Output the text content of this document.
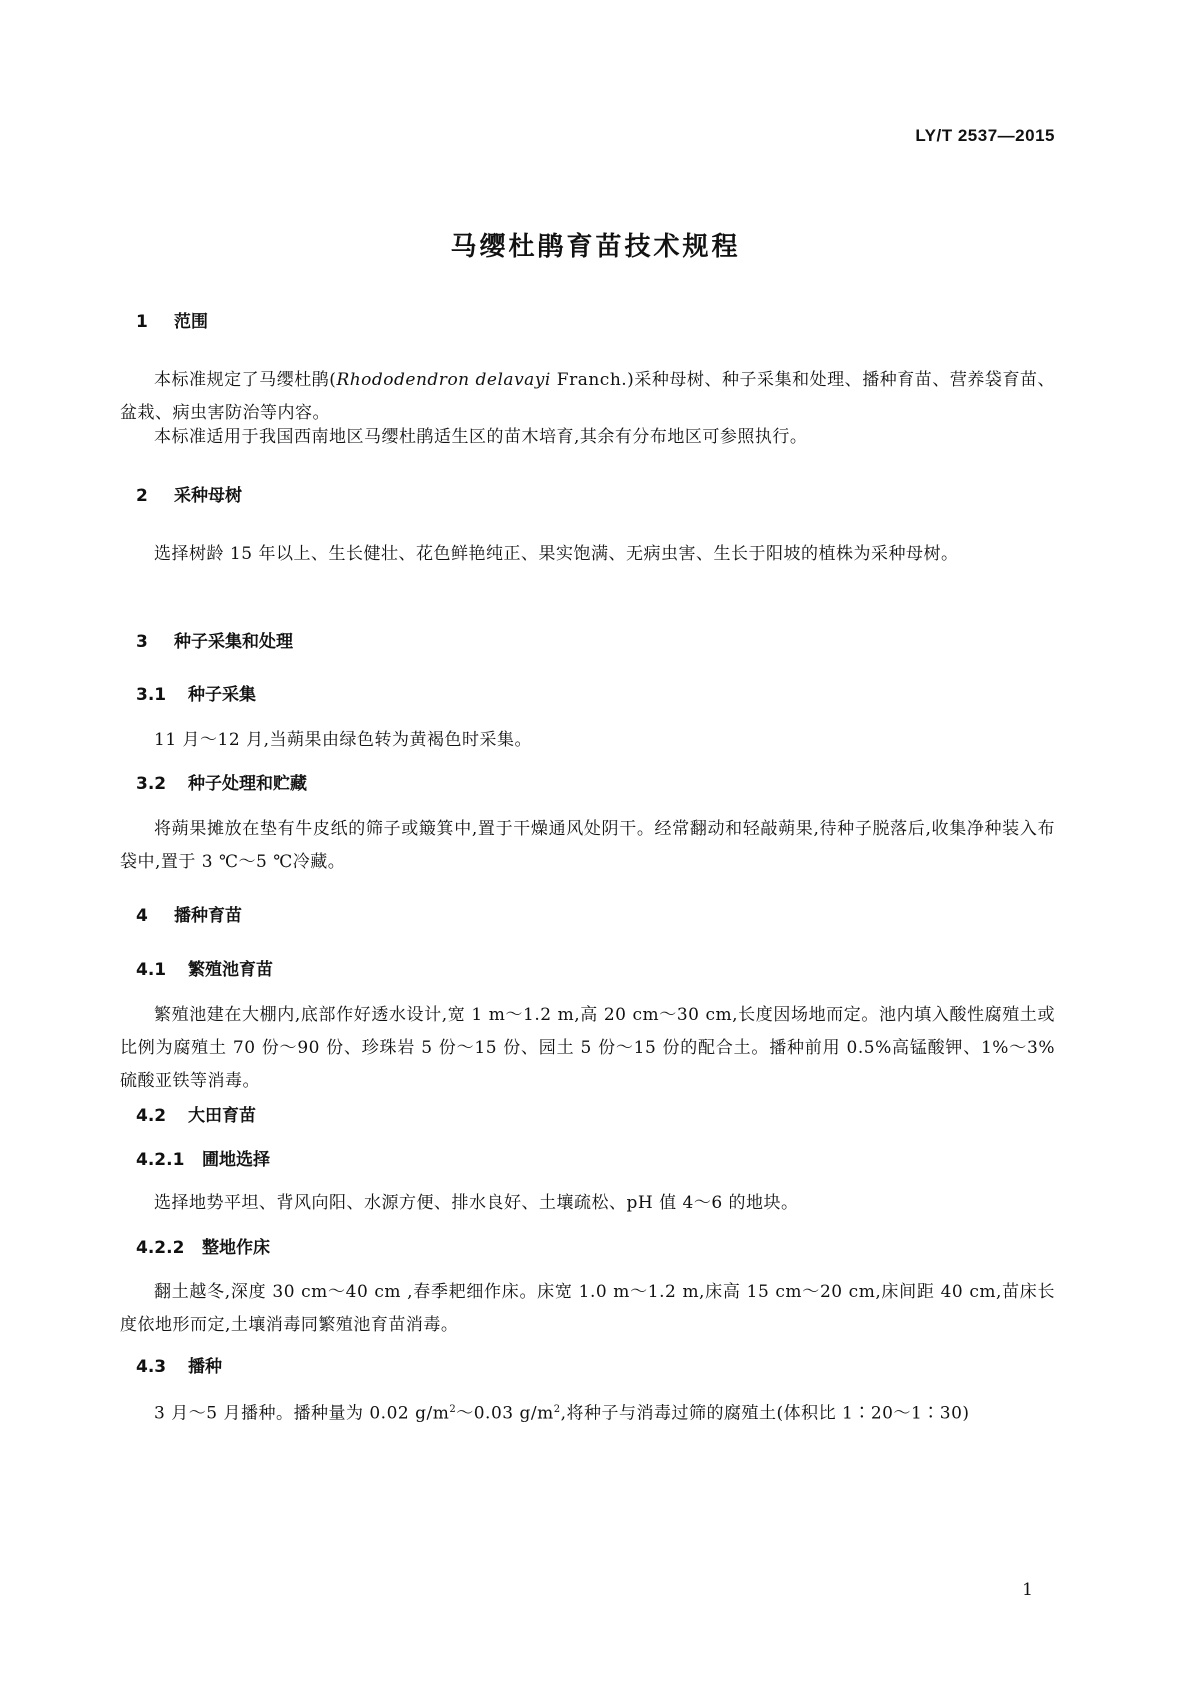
LY/T 2537—2015
马缨杜鹃育苗技术规程
1 范围
本标准规定了马缨杜鹃(Rhododendron delavayi Franch.)采种母树、种子采集和处理、播种育苗、营养袋育苗、盆栽、病虫害防治等内容。
本标准适用于我国西南地区马缨杜鹃适生区的苗木培育,其余有分布地区可参照执行。
2 采种母树
选择树龄 15 年以上、生长健壮、花色鲜艳纯正、果实饱满、无病虫害、生长于阳坡的植株为采种母树。
3 种子采集和处理
3.1 种子采集
11 月～12 月,当蒴果由绿色转为黄褐色时采集。
3.2 种子处理和贮藏
将蒴果摊放在垫有牛皮纸的筛子或簸箕中,置于干燥通风处阴干。经常翻动和轻敲蒴果,待种子脱落后,收集净种装入布袋中,置于 3 ℃～5 ℃冷藏。
4 播种育苗
4.1 繁殖池育苗
繁殖池建在大棚内,底部作好透水设计,宽 1 m～1.2 m,高 20 cm～30 cm,长度因场地而定。池内填入酸性腐殖土或比例为腐殖土 70 份～90 份、珍珠岩 5 份～15 份、园土 5 份～15 份的配合土。播种前用 0.5%高锰酸钾、1%～3%硫酸亚铁等消毒。
4.2 大田育苗
4.2.1 圃地选择
选择地势平坦、背风向阳、水源方便、排水良好、土壤疏松、pH 值 4～6 的地块。
4.2.2 整地作床
翻土越冬,深度 30 cm～40 cm ,春季耙细作床。床宽 1.0 m～1.2 m,床高 15 cm～20 cm,床间距 40 cm,苗床长度依地形而定,土壤消毒同繁殖池育苗消毒。
4.3 播种
3 月～5 月播种。播种量为 0.02 $g/m^2\sim 0.03$ $g/m^2$,将种子与消毒过筛的腐殖土(体积比 1∶20～1∶30)
1
